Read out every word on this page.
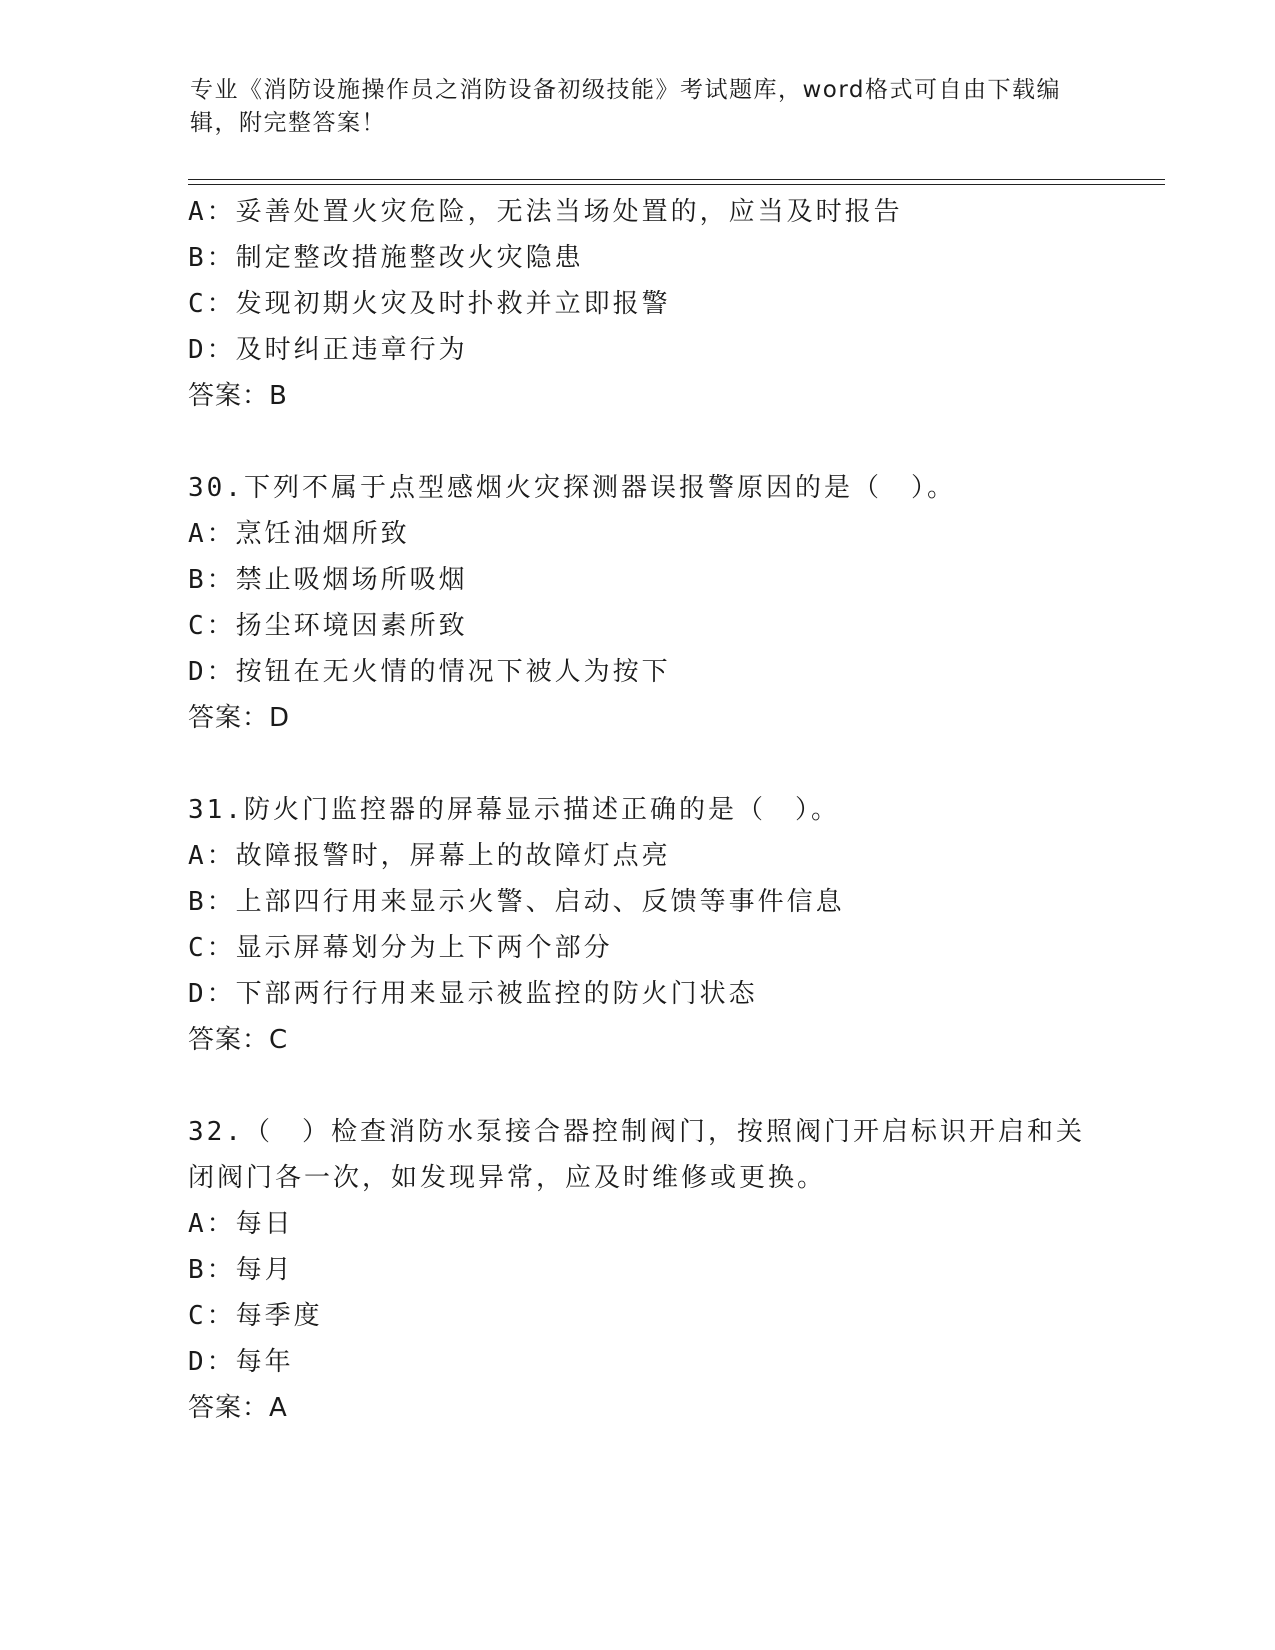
专业《消防设施操作员之消防设备初级技能》考试题库，word格式可自由下载编辑，附完整答案！
A：妥善处置火灾危险，无法当场处置的，应当及时报告
B：制定整改措施整改火灾隐患
C：发现初期火灾及时扑救并立即报警
D：及时纠正违章行为
答案：B
30.下列不属于点型感烟火灾探测器误报警原因的是（　）。
A：烹饪油烟所致
B：禁止吸烟场所吸烟
C：扬尘环境因素所致
D：按钮在无火情的情况下被人为按下
答案：D
31.防火门监控器的屏幕显示描述正确的是（　）。
A：故障报警时，屏幕上的故障灯点亮
B：上部四行用来显示火警、启动、反馈等事件信息
C：显示屏幕划分为上下两个部分
D：下部两行行用来显示被监控的防火门状态
答案：C
32.（　）检查消防水泵接合器控制阀门，按照阀门开启标识开启和关闭阀门各一次，如发现异常，应及时维修或更换。
A：每日
B：每月
C：每季度
D：每年
答案：A
